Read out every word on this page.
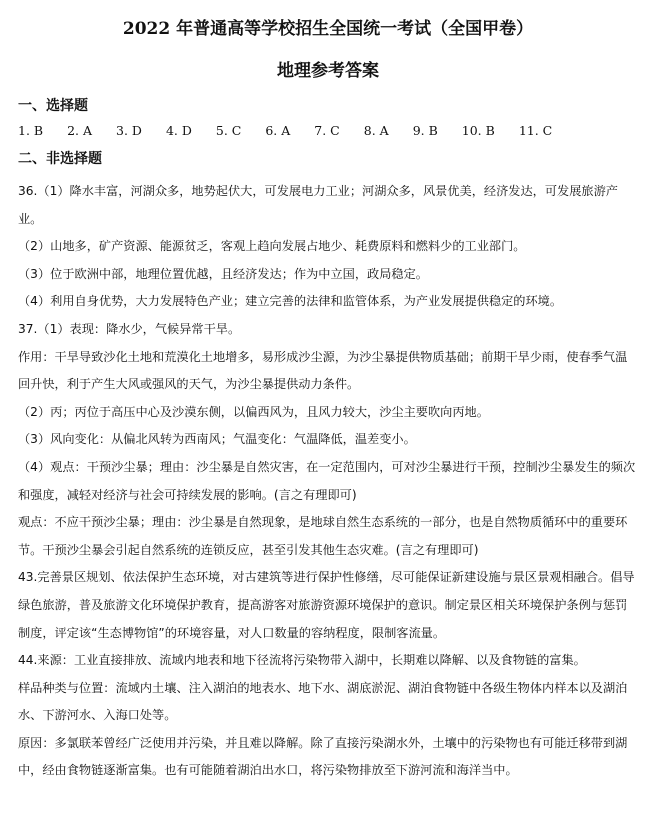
2022 年普通高等学校招生全国统一考试（全国甲卷）
地理参考答案
一、选择题
1. B 2. A 3. D 4. D 5. C 6. A 7. C 8. A 9. B 10. B 11. C
二、非选择题

36.（1）降水丰富，河湖众多，地势起伏大，可发展电力工业；河湖众多，风景优美，经济发达，可发展旅游产业。

（2）山地多，矿产资源、能源贫乏，客观上趋向发展占地少、耗费原料和燃料少的工业部门。

（3）位于欧洲中部，地理位置优越，且经济发达；作为中立国，政局稳定。

（4）利用自身优势，大力发展特色产业；建立完善的法律和监管体系，为产业发展提供稳定的环境。

37.（1）表现：降水少，气候异常干旱。

作用：干旱导致沙化土地和荒漠化土地增多，易形成沙尘源，为沙尘暴提供物质基础；前期干旱少雨，使春季气温回升快，利于产生大风或强风的天气，为沙尘暴提供动力条件。

（2）丙；丙位于高压中心及沙漠东侧，以偏西风为，且风力较大，沙尘主要吹向丙地。

（3）风向变化：从偏北风转为西南风；气温变化：气温降低，温差变小。

（4）观点：干预沙尘暴；理由：沙尘暴是自然灾害，在一定范围内，可对沙尘暴进行干预，控制沙尘暴发生的频次和强度，减轻对经济与社会可持续发展的影响。(言之有理即可)

观点：不应干预沙尘暴；理由：沙尘暴是自然现象，是地球自然生态系统的一部分，也是自然物质循环中的重要环节。干预沙尘暴会引起自然系统的连锁反应，甚至引发其他生态灾难。(言之有理即可)

43.完善景区规划、依法保护生态环境，对古建筑等进行保护性修缮，尽可能保证新建设施与景区景观相融合。倡导绿色旅游，普及旅游文化环境保护教育，提高游客对旅游资源环境保护的意识。制定景区相关环境保护条例与惩罚制度，评定该“生态博物馆”的环境容量，对人口数量的容纳程度，限制客流量。

44.来源：工业直接排放、流域内地表和地下径流将污染物带入湖中，长期难以降解、以及食物链的富集。

样品种类与位置：流域内土壤、注入湖泊的地表水、地下水、湖底淤泥、湖泊食物链中各级生物体内样本以及湖泊水、下游河水、入海口处等。

原因：多氯联苯曾经广泛使用并污染，并且难以降解。除了直接污染湖水外，土壤中的污染物也有可能迁移带到湖中，经由食物链逐渐富集。也有可能随着湖泊出水口，将污染物排放至下游河流和海洋当中。
